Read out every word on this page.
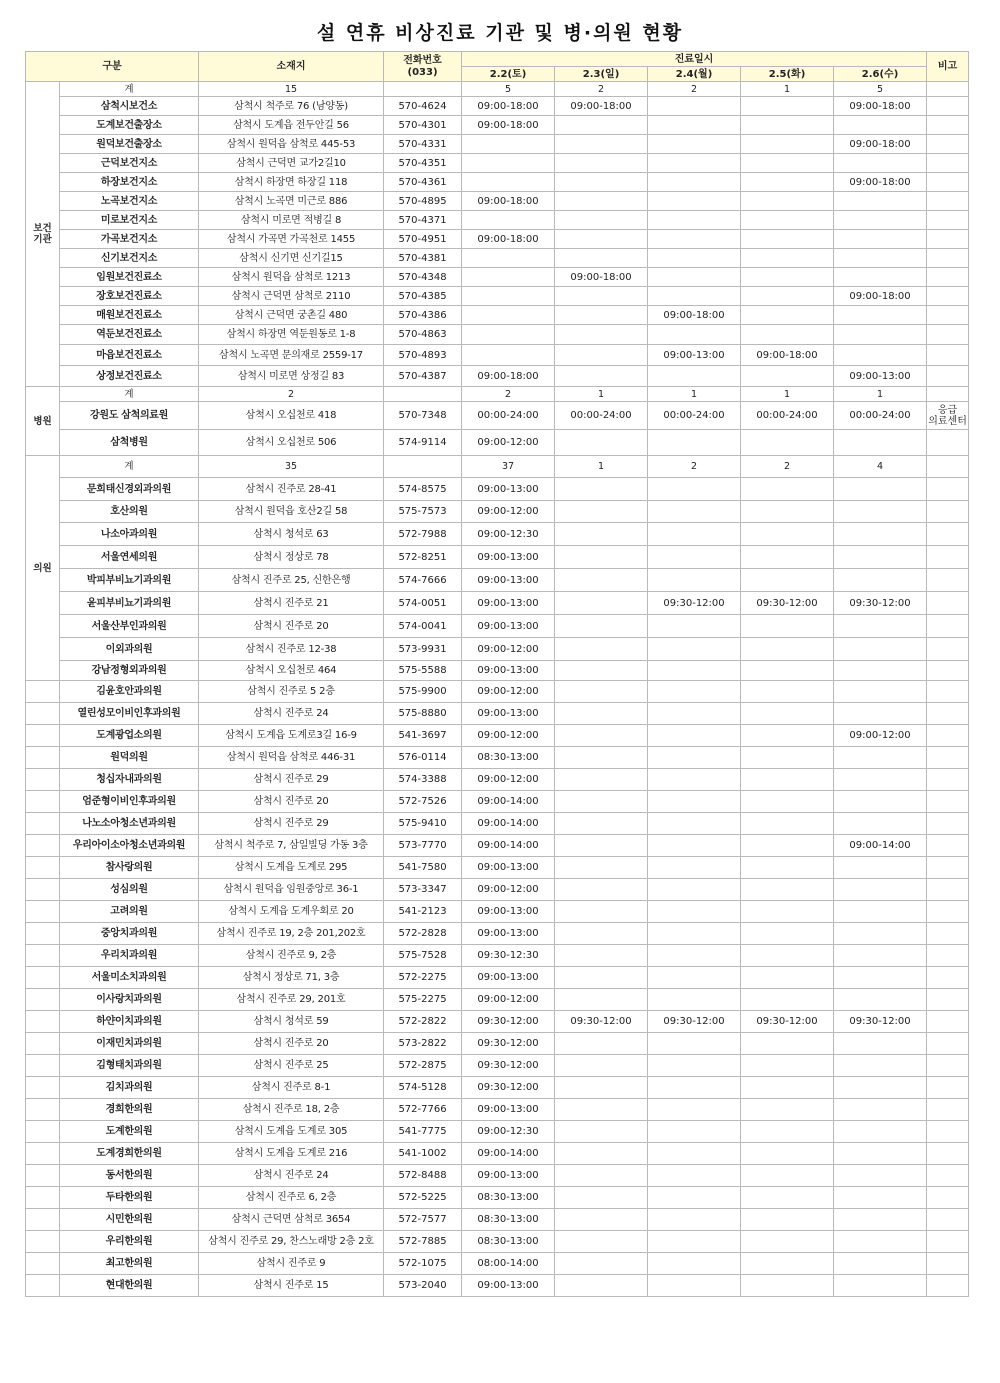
설 연휴 비상진료 기관 및 병·의원 현황
구분		소재지	전화번호
(033)	진료일시					비고
				2.2(토)	2.3(일)	2.4(월)	2.5(화)	2.6(수)	
보건
기관	계	15		5	2	2	1	5	
	삼척시보건소	삼척시 척주로 76 (남양동)	570-4624	09:00-18:00	09:00-18:00			09:00-18:00	
	도계보건출장소	삼척시 도계읍 전두안길 56	570-4301	09:00-18:00					
	원덕보건출장소	삼척시 원덕읍 삼척로 445-53	570-4331					09:00-18:00	
	근덕보건지소	삼척시 근덕면 교가2길10	570-4351						
	하장보건지소	삼척시 하장면 하장길 118	570-4361					09:00-18:00	
	노곡보건지소	삼척시 노곡면 미근로 886	570-4895	09:00-18:00					
	미로보건지소	삼척시 미로면 적병길 8	570-4371						
	가곡보건지소	삼척시 가곡면 가곡천로 1455	570-4951	09:00-18:00					
	신기보건지소	삼척시 신기면 신기길15	570-4381						
	임원보건진료소	삼척시 원덕읍 삼척로 1213	570-4348		09:00-18:00				
	장호보건진료소	삼척시 근덕면 삼척로 2110	570-4385					09:00-18:00	
	매원보건진료소	삼척시 근덕면 궁촌길 480	570-4386			09:00-18:00			
	역둔보건진료소	삼척시 하장면 역둔원동로 1-8	570-4863						
	마읍보건진료소	삼척시 노곡면 문의재로 2559-17	570-4893			09:00-13:00	09:00-18:00		
	상정보건진료소	삼척시 미로면 상정길 83	570-4387	09:00-18:00				09:00-13:00	
병원	계	2		2	1	1	1	1	
	강원도 삼척의료원	삼척시 오십천로 418	570-7348	00:00-24:00	00:00-24:00	00:00-24:00	00:00-24:00	00:00-24:00	응급
의료센터

	삼척병원	삼척시 오십천로 506	574-9114	09:00-12:00					
의원	계	35		37	1	2	2	4	
	문희태신경외과의원	삼척시 진주로 28-41	574-8575	09:00-13:00					
	호산의원	삼척시 원덕읍 호산2길 58	575-7573	09:00-12:00					
	나소아과의원	삼척시 청석로 63	572-7988	09:00-12:30					
	서울연세의원	삼척시 정상로 78	572-8251	09:00-13:00					
	박피부비뇨기과의원	삼척시 진주로 25, 신한은행	574-7666	09:00-13:00					
	윤피부비뇨기과의원	삼척시 진주로 21	574-0051	09:00-13:00		09:30-12:00	09:30-12:00	09:30-12:00	
	서울산부인과의원	삼척시 진주로 20	574-0041	09:00-13:00					
	이외과의원	삼척시 진주로 12-38	573-9931	09:00-12:00					
	강남정형외과의원	삼척시 오십천로 464	575-5588	09:00-13:00					
	김윤호안과의원	삼척시 진주로 5 2층	575-9900	09:00-12:00					
	열린성모이비인후과의원	삼척시 진주로 24	575-8880	09:00-13:00					
	도계광업소의원	삼척시 도계읍 도계로3길 16-9	541-3697	09:00-12:00				09:00-12:00	
	원덕의원	삼척시 원덕읍 삼척로 446-31	576-0114	08:30-13:00					
	청십자내과의원	삼척시 진주로 29	574-3388	09:00-12:00					
	엄준형이비인후과의원	삼척시 진주로 20	572-7526	09:00-14:00					
	나노소아청소년과의원	삼척시 진주로 29	575-9410	09:00-14:00					
	우리아이소아청소년과의원	삼척시 척주로 7, 삼일빌딩 가동 3층	573-7770	09:00-14:00				09:00-14:00	
	참사랑의원	삼척시 도계읍 도계로 295	541-7580	09:00-13:00					
	성심의원	삼척시 원덕읍 임원중앙로 36-1	573-3347	09:00-12:00					
	고려의원	삼척시 도계읍 도계우회로 20	541-2123	09:00-13:00					
	중앙치과의원	삼척시 진주로 19, 2층 201,202호	572-2828	09:00-13:00					
	우리치과의원	삼척시 진주로 9, 2층	575-7528	09:30-12:30					
	서울미소치과의원	삼척시 정상로 71, 3층	572-2275	09:00-13:00					
	이사랑치과의원	삼척시 진주로 29, 201호	575-2275	09:00-12:00					
	하얀이치과의원	삼척시 청석로 59	572-2822	09:30-12:00	09:30-12:00	09:30-12:00	09:30-12:00	09:30-12:00	
	이재민치과의원	삼척시 진주로 20	573-2822	09:30-12:00					
	김형태치과의원	삼척시 진주로 25	572-2875	09:30-12:00					
	김치과의원	삼척시 진주로 8-1	574-5128	09:30-12:00					
	경희한의원	삼척시 진주로 18, 2층	572-7766	09:00-13:00					
	도계한의원	삼척시 도계읍 도계로 305	541-7775	09:00-12:30					
	도계경희한의원	삼척시 도계읍 도계로 216	541-1002	09:00-14:00					
	동서한의원	삼척시 진주로 24	572-8488	09:00-13:00					
	두타한의원	삼척시 진주로 6, 2층	572-5225	08:30-13:00					
	시민한의원	삼척시 근덕면 삼척로 3654	572-7577	08:30-13:00					
	우리한의원	삼척시 진주로 29, 찬스노래방 2층 2호	572-7885	08:30-13:00					
	최고한의원	삼척시 진주로 9	572-1075	08:00-14:00					
	현대한의원	삼척시 진주로 15	573-2040	09:00-13:00					
